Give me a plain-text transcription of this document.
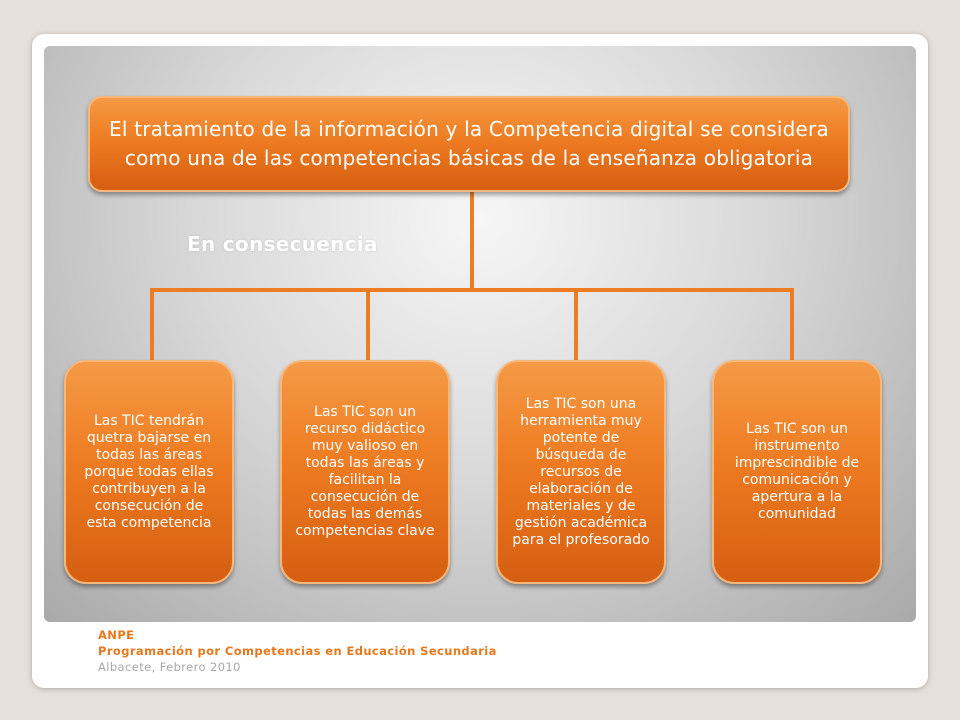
El tratamiento de la información y la Competencia digital se considera como una de las competencias básicas de la enseñanza obligatoria
En consecuencia
Las TIC tendrán quetra bajarse en todas las áreas porque todas ellas contribuyen a la consecución de esta competencia
Las TIC son un recurso didáctico muy valioso en todas las áreas y facilitan la consecución de todas las demás competencias clave
Las TIC son una herramienta muy potente de búsqueda de recursos de elaboración de materiales y de gestión académica para el profesorado
Las TIC son un instrumento imprescindible de comunicación y apertura a la comunidad
ANPE
Programación por Competencias en Educación Secundaria
Albacete, Febrero 2010
